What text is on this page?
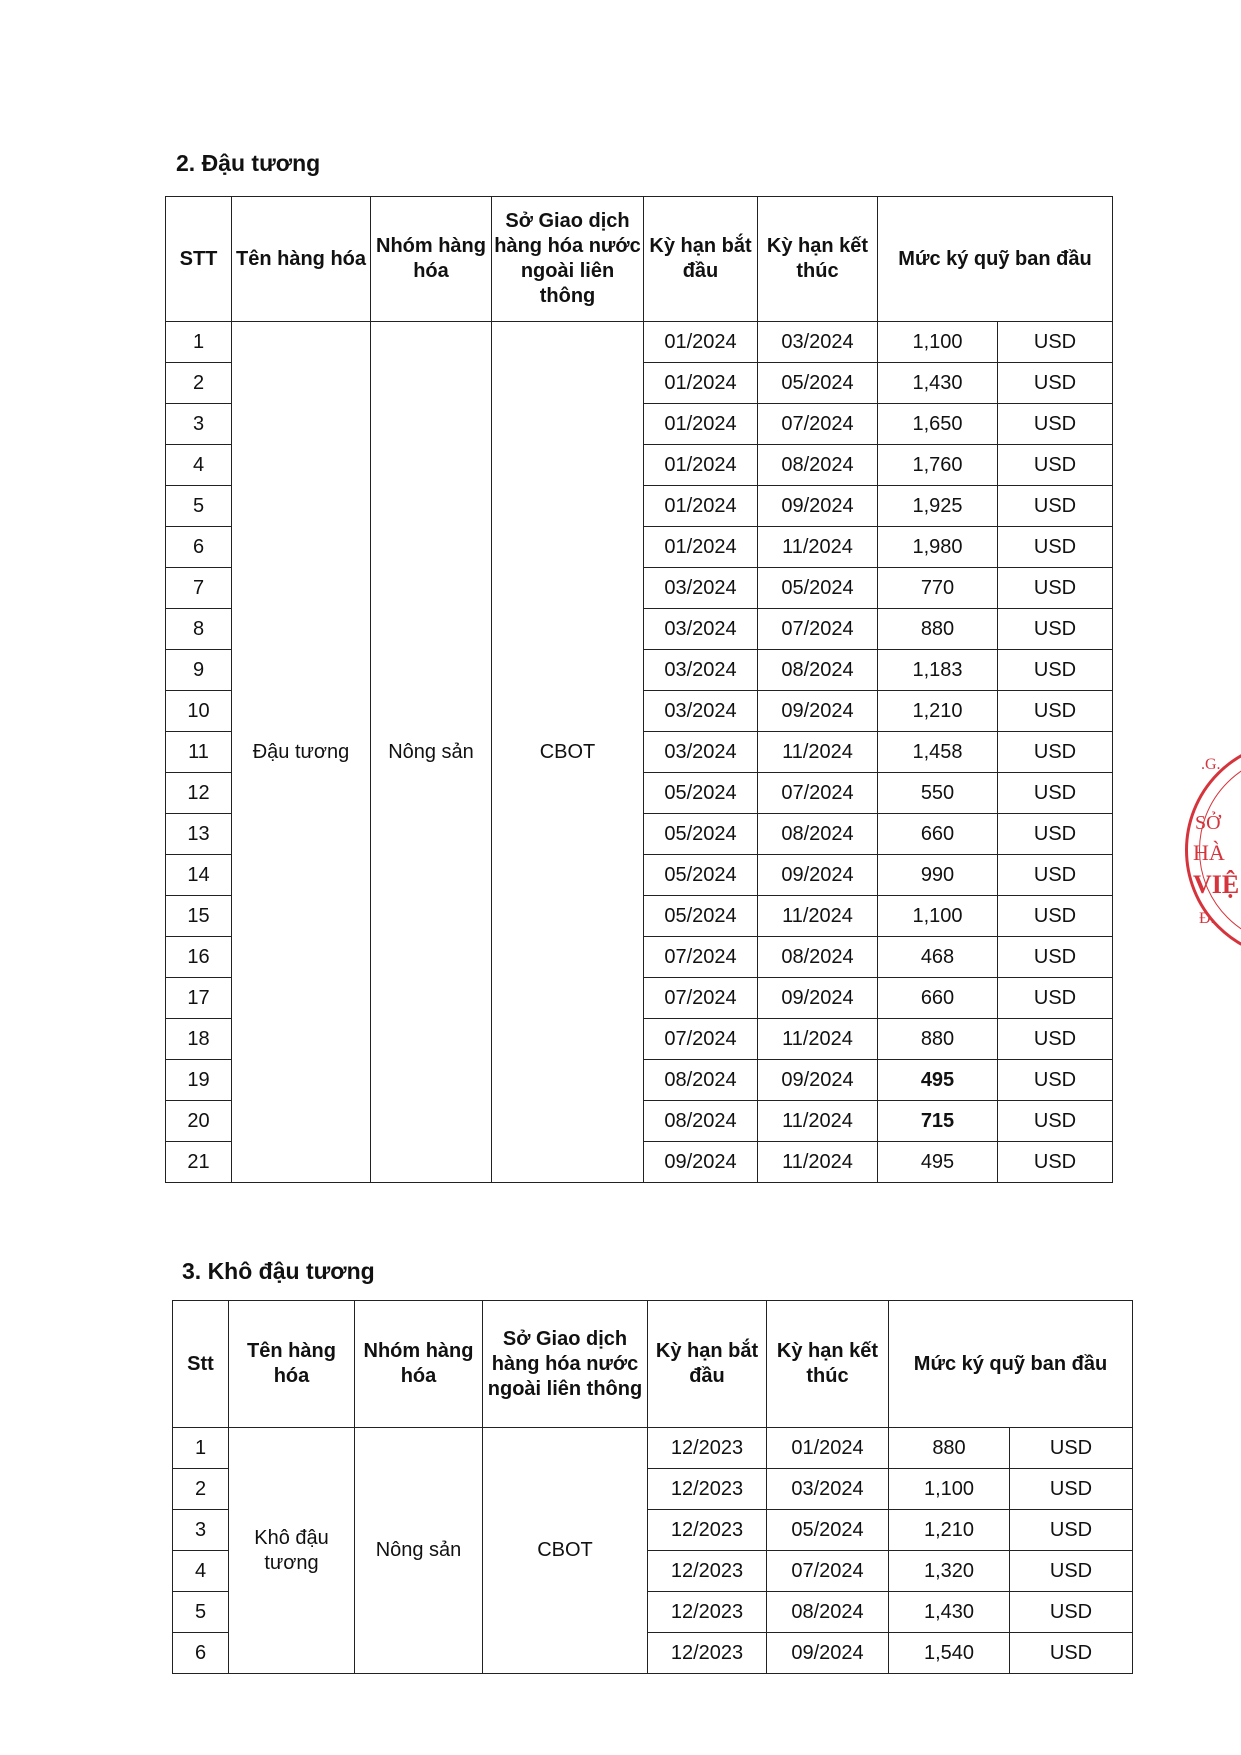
2. Đậu tương
STT	Tên hàng hóa	Nhóm hàng hóa	Sở Giao dịch hàng hóa nước ngoài liên thông	Kỳ hạn bắt đầu	Kỳ hạn kết thúc	Mức ký quỹ ban đầu	
1	Đậu tương	Nông sản	CBOT	01/2024	03/2024	1,100	USD
2				01/2024	05/2024	1,430	USD
3				01/2024	07/2024	1,650	USD
4				01/2024	08/2024	1,760	USD
5				01/2024	09/2024	1,925	USD
6				01/2024	11/2024	1,980	USD
7				03/2024	05/2024	770	USD
8				03/2024	07/2024	880	USD
9				03/2024	08/2024	1,183	USD
10				03/2024	09/2024	1,210	USD
11				03/2024	11/2024	1,458	USD
12				05/2024	07/2024	550	USD
13				05/2024	08/2024	660	USD
14				05/2024	09/2024	990	USD
15				05/2024	11/2024	1,100	USD
16				07/2024	08/2024	468	USD
17				07/2024	09/2024	660	USD
18				07/2024	11/2024	880	USD
19				08/2024	09/2024	495	USD
20				08/2024	11/2024	715	USD
21				09/2024	11/2024	495	USD
3. Khô đậu tương
Stt	Tên hàng hóa	Nhóm hàng hóa	Sở Giao dịch hàng hóa nước ngoài liên thông	Kỳ hạn bắt đầu	Kỳ hạn kết thúc	Mức ký quỹ ban đầu	
1	Khô đậu tương	Nông sản	CBOT	12/2023	01/2024	880	USD
2				12/2023	03/2024	1,100	USD
3				12/2023	05/2024	1,210	USD
4				12/2023	07/2024	1,320	USD
5				12/2023	08/2024	1,430	USD
6				12/2023	09/2024	1,540	USD
.G.
SỞ
HÀ
VIỆ
Đ.
